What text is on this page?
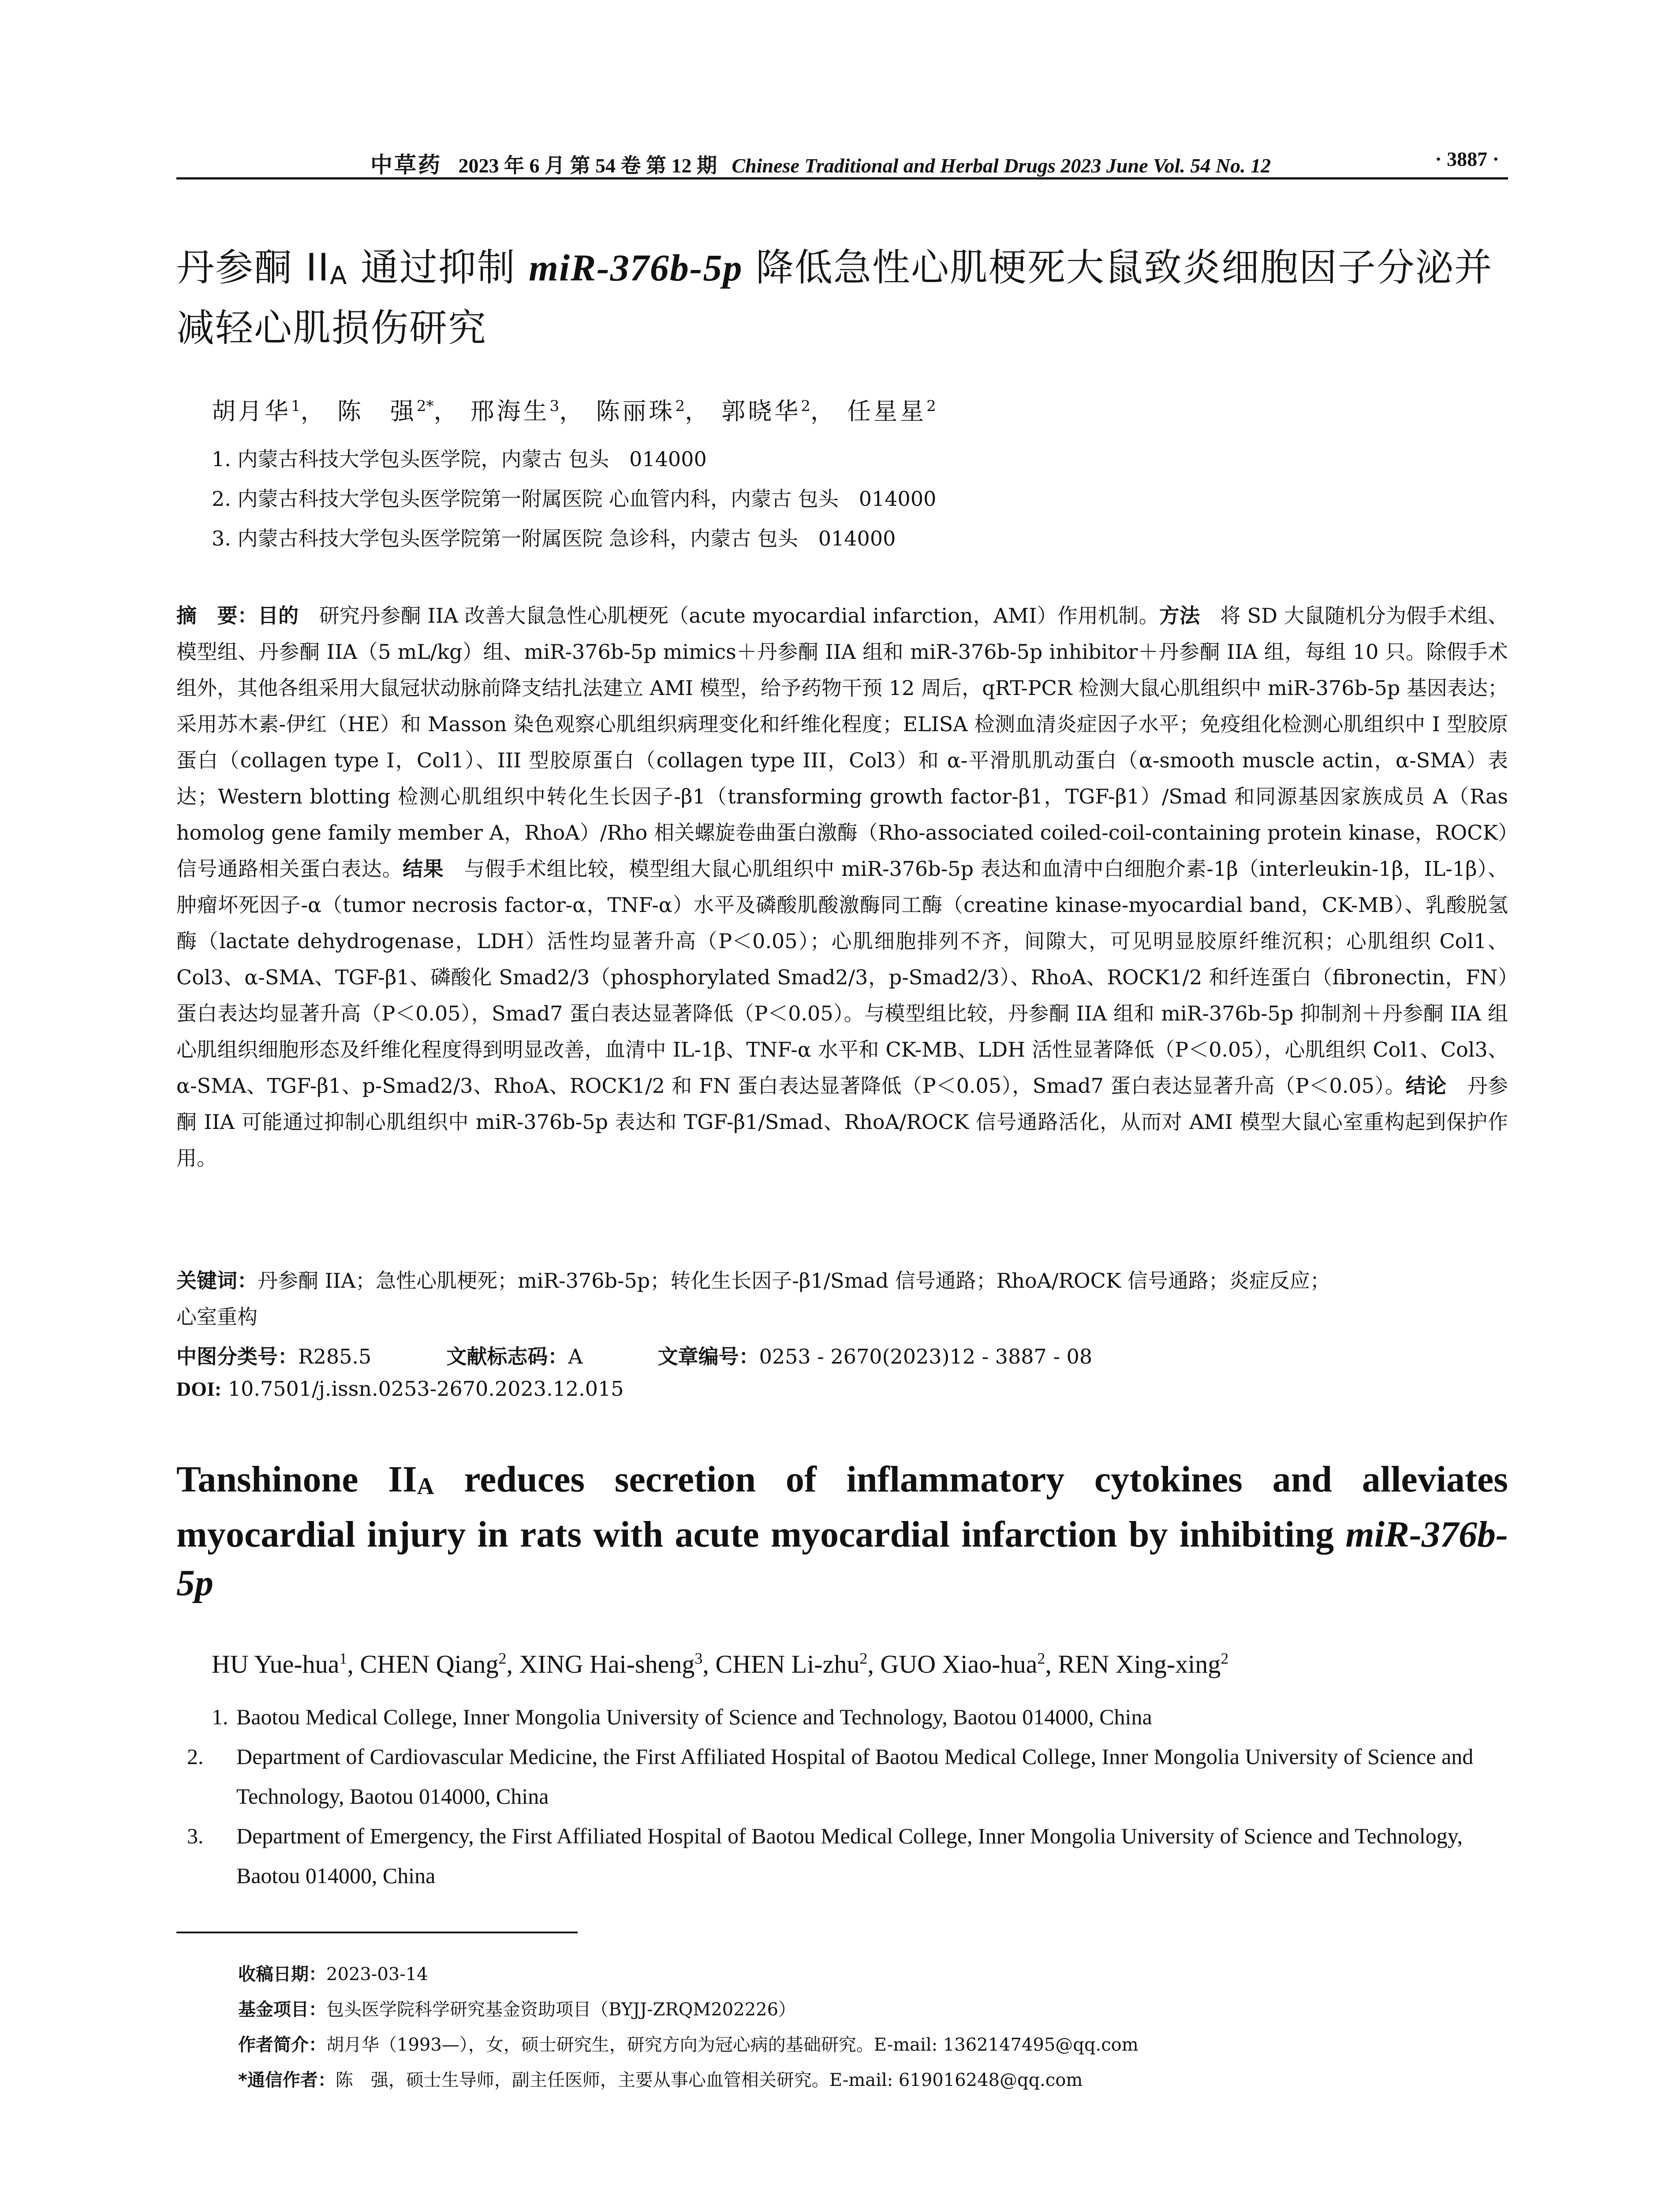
中草药 2023 年 6 月 第 54 卷 第 12 期 Chinese Traditional and Herbal Drugs 2023 June Vol. 54 No. 12	· 3887 ·
丹参酮 IIA 通过抑制 miR-376b-5p 降低急性心肌梗死大鼠致炎细胞因子分泌并减轻心肌损伤研究
胡月华$^1$， 陈　强$^{2*}$， 邢海生$^3$， 陈丽珠$^2$， 郭晓华$^2$， 任星星$^2$
1. 内蒙古科技大学包头医学院，内蒙古 包头　014000
2. 内蒙古科技大学包头医学院第一附属医院 心血管内科，内蒙古 包头　014000
3. 内蒙古科技大学包头医学院第一附属医院 急诊科，内蒙古 包头　014000
摘　要：目的　 研究丹参酮 IIA 改善大鼠急性心肌梗死（acute myocardial infarction，AMI）作用机制。方法　 将 SD 大鼠随机分为假手术组、模型组、丹参酮 IIA（5 mL/kg）组、miR-376b-5p mimics＋丹参酮 IIA 组和 miR-376b-5p inhibitor＋丹参酮 IIA 组，每组 10 只。除假手术组外，其他各组采用大鼠冠状动脉前降支结扎法建立 AMI 模型，给予药物干预 12 周后，qRT-PCR 检测大鼠心肌组织中 miR-376b-5p 基因表达；采用苏木素-伊红（HE）和 Masson 染色观察心肌组织病理变化和纤维化程度；ELISA 检测血清炎症因子水平；免疫组化检测心肌组织中 I 型胶原蛋白（collagen type I，Col1）、III 型胶原蛋白（collagen type III，Col3）和 α-平滑肌肌动蛋白（α-smooth muscle actin，α-SMA）表达；Western blotting 检测心肌组织中转化生长因子-β1（transforming growth factor-β1，TGF-β1）/Smad 和同源基因家族成员 A（Ras homolog gene family member A，RhoA）/Rho 相关螺旋卷曲蛋白激酶（Rho-associated coiled-coil-containing protein kinase，ROCK）信号通路相关蛋白表达。结果　 与假手术组比较，模型组大鼠心肌组织中 miR-376b-5p 表达和血清中白细胞介素-1β（interleukin-1β，IL-1β）、肿瘤坏死因子-α（tumor necrosis factor-α，TNF-α）水平及磷酸肌酸激酶同工酶（creatine kinase-myocardial band，CK-MB）、乳酸脱氢酶（lactate dehydrogenase，LDH）活性均显著升高（P＜0.05）；心肌细胞排列不齐，间隙大，可见明显胶原纤维沉积；心肌组织 Col1、Col3、α-SMA、TGF-β1、磷酸化 Smad2/3（phosphorylated Smad2/3，p-Smad2/3）、RhoA、ROCK1/2 和纤连蛋白（fibronectin，FN）蛋白表达均显著升高（P＜0.05），Smad7 蛋白表达显著降低（P＜0.05）。与模型组比较，丹参酮 IIA 组和 miR-376b-5p 抑制剂＋丹参酮 IIA 组心肌组织细胞形态及纤维化程度得到明显改善，血清中 IL-1β、TNF-α 水平和 CK-MB、LDH 活性显著降低（P＜0.05），心肌组织 Col1、Col3、α-SMA、TGF-β1、p-Smad2/3、RhoA、ROCK1/2 和 FN 蛋白表达显著降低（P＜0.05），Smad7 蛋白表达显著升高（P＜0.05）。结论　 丹参酮 IIA 可能通过抑制心肌组织中 miR-376b-5p 表达和 TGF-β1/Smad、RhoA/ROCK 信号通路活化，从而对 AMI 模型大鼠心室重构起到保护作用。
关键词：丹参酮 IIA；急性心肌梗死；miR-376b-5p；转化生长因子-β1/Smad 信号通路；RhoA/ROCK 信号通路；炎症反应；
心室重构
中图分类号：R285.5	文献标志码：A	文章编号：0253 - 2670(2023)12 - 3887 - 08
DOI: 10.7501/j.issn.0253-2670.2023.12.015
Tanshinone IIA reduces secretion of inflammatory cytokines and alleviates myocardial injury in rats with acute myocardial infarction by inhibiting miR-376b-5p
HU Yue-hua$^1$, CHEN Qiang$^2$, XING Hai-sheng$^3$, CHEN Li-zhu$^2$, GUO Xiao-hua$^2$, REN Xing-xing$^2$
1. Baotou Medical College, Inner Mongolia University of Science and Technology, Baotou 014000, China
2. Department of Cardiovascular Medicine, the First Affiliated Hospital of Baotou Medical College, Inner Mongolia University of Science and Technology, Baotou 014000, China
3. Department of Emergency, the First Affiliated Hospital of Baotou Medical College, Inner Mongolia University of Science and Technology, Baotou 014000, China
收稿日期：2023-03-14
基金项目：包头医学院科学研究基金资助项目（BYJJ-ZRQM202226）
作者简介：胡月华（1993—），女，硕士研究生，研究方向为冠心病的基础研究。E-mail: 1362147495@qq.com
*通信作者：陈　强，硕士生导师，副主任医师，主要从事心血管相关研究。E-mail: 619016248@qq.com
